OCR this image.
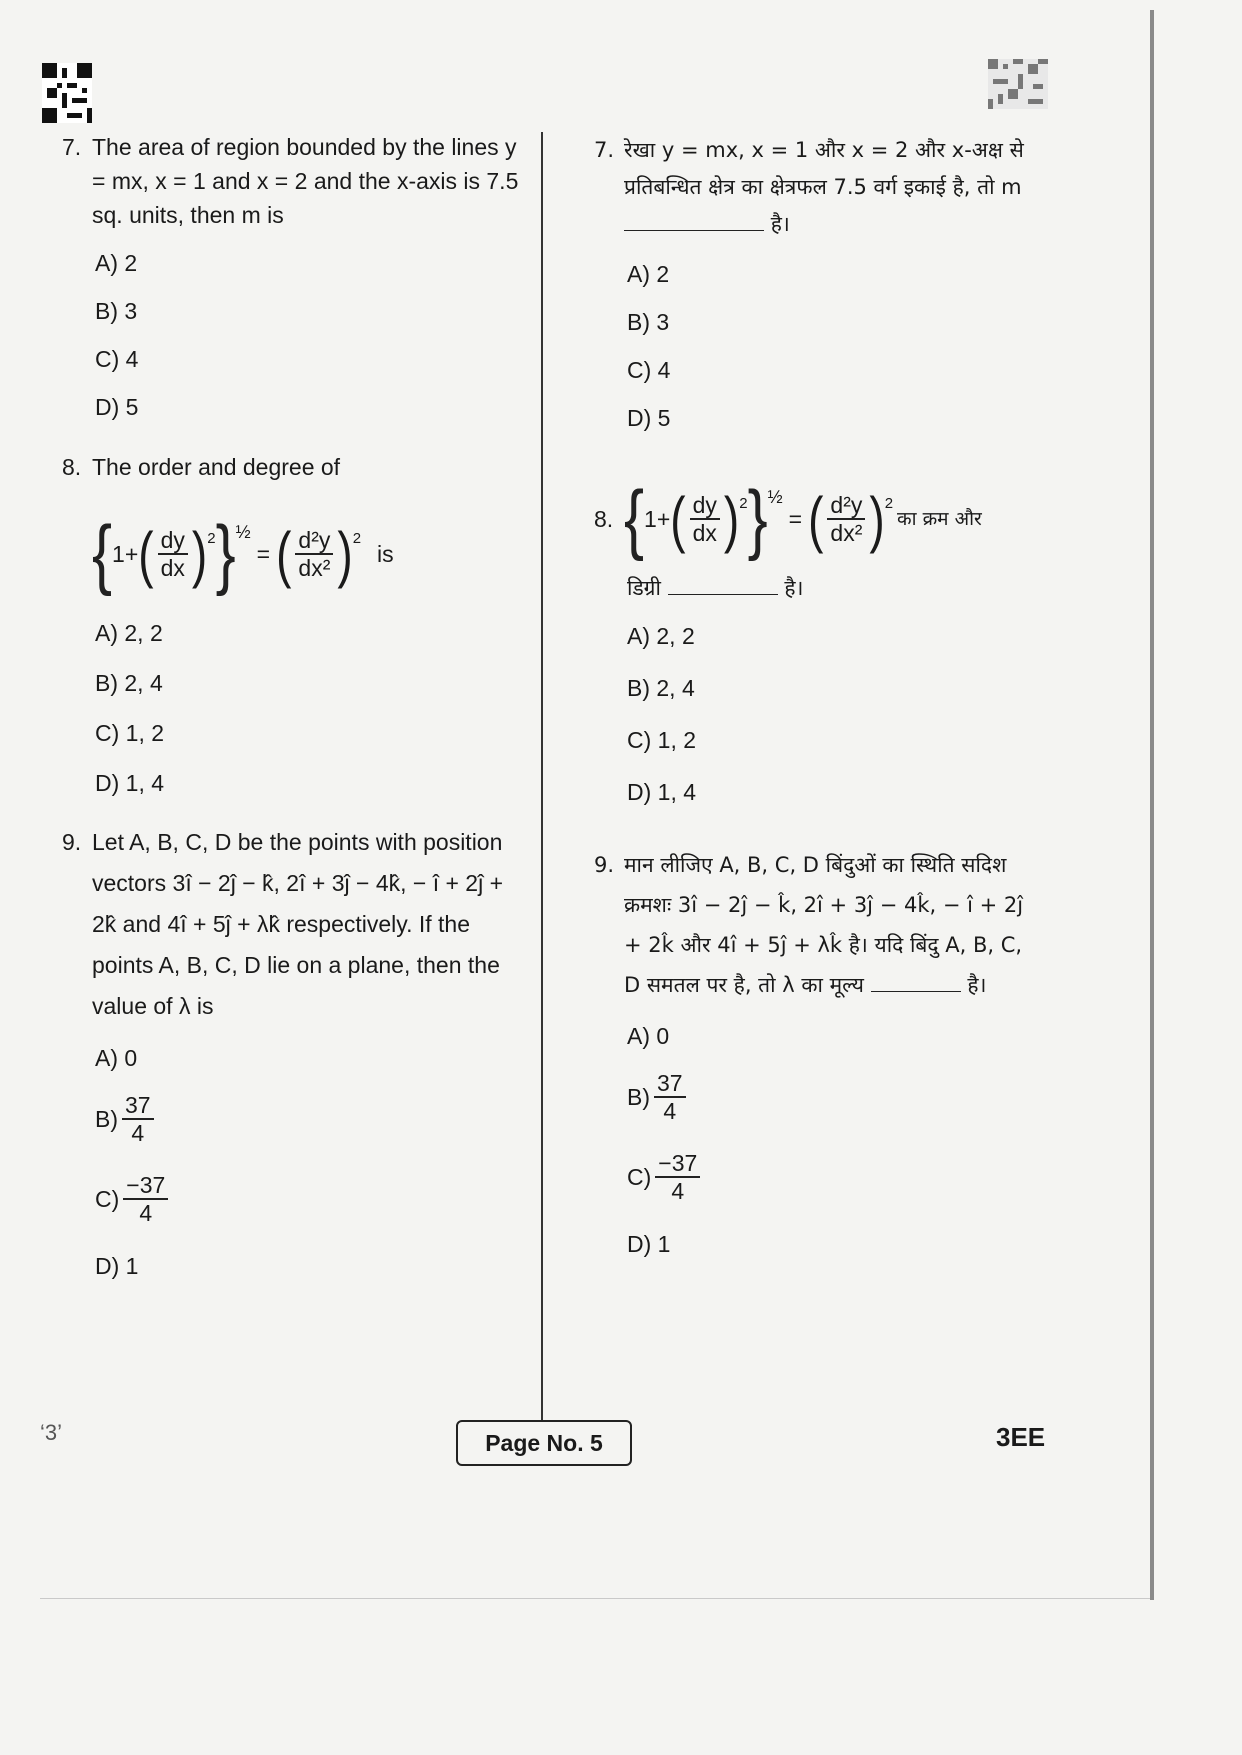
7. The area of region bounded by the lines y = mx, x = 1 and x = 2 and the x-axis is 7.5 sq. units, then m is
A) 2
B) 3
C) 4
D) 5
8. The order and degree of
{ 1+ ( $\frac{dy}{dx}$ ) 2 } ½
= ( $\frac{\text{d²y}}{\text{dx²}}$ ) 2
is
A) 2, 2
B) 2, 4
C) 1, 2
D) 1, 4
9. Let A, B, C, D be the points with position vectors 3î − 2ĵ − k̂, 2î + 3ĵ − 4k̂, − î + 2ĵ + 2k̂ and 4î + 5ĵ + λk̂ respectively. If the points A, B, C, D lie on a plane, then the value of λ is
A) 0
$B) \frac{37}{4}$
$C) \frac{-37}{4}$
D) 1
7. रेखा y = mx, x = 1 और x = 2 और x-अक्ष से प्रतिबन्धित क्षेत्र का क्षेत्रफल 7.5 वर्ग इकाई है, तो m  है।
A) 2
B) 3
C) 4
D) 5
8. { 1+ ( $\frac{dy}{dx}$ ) 2 } ½
= ( $\frac{\text{d²y}}{\text{dx²}}$ ) 2
का क्रम और
डिग्री	है।
A) 2, 2
B) 2, 4
C) 1, 2
D) 1, 4
9. मान लीजिए A, B, C, D बिंदुओं का स्थिति सदिश क्रमशः 3î − 2ĵ − k̂, 2î + 3ĵ − 4k̂, − î + 2ĵ + 2k̂ और 4î + 5ĵ + λk̂ है। यदि बिंदु A, B, C, D समतल पर है, तो λ का मूल्य	है।
A) 0
$B) \frac{37}{4}$
$C) \frac{-37}{4}$
D) 1
‘3’	Page No. 5	3EE
